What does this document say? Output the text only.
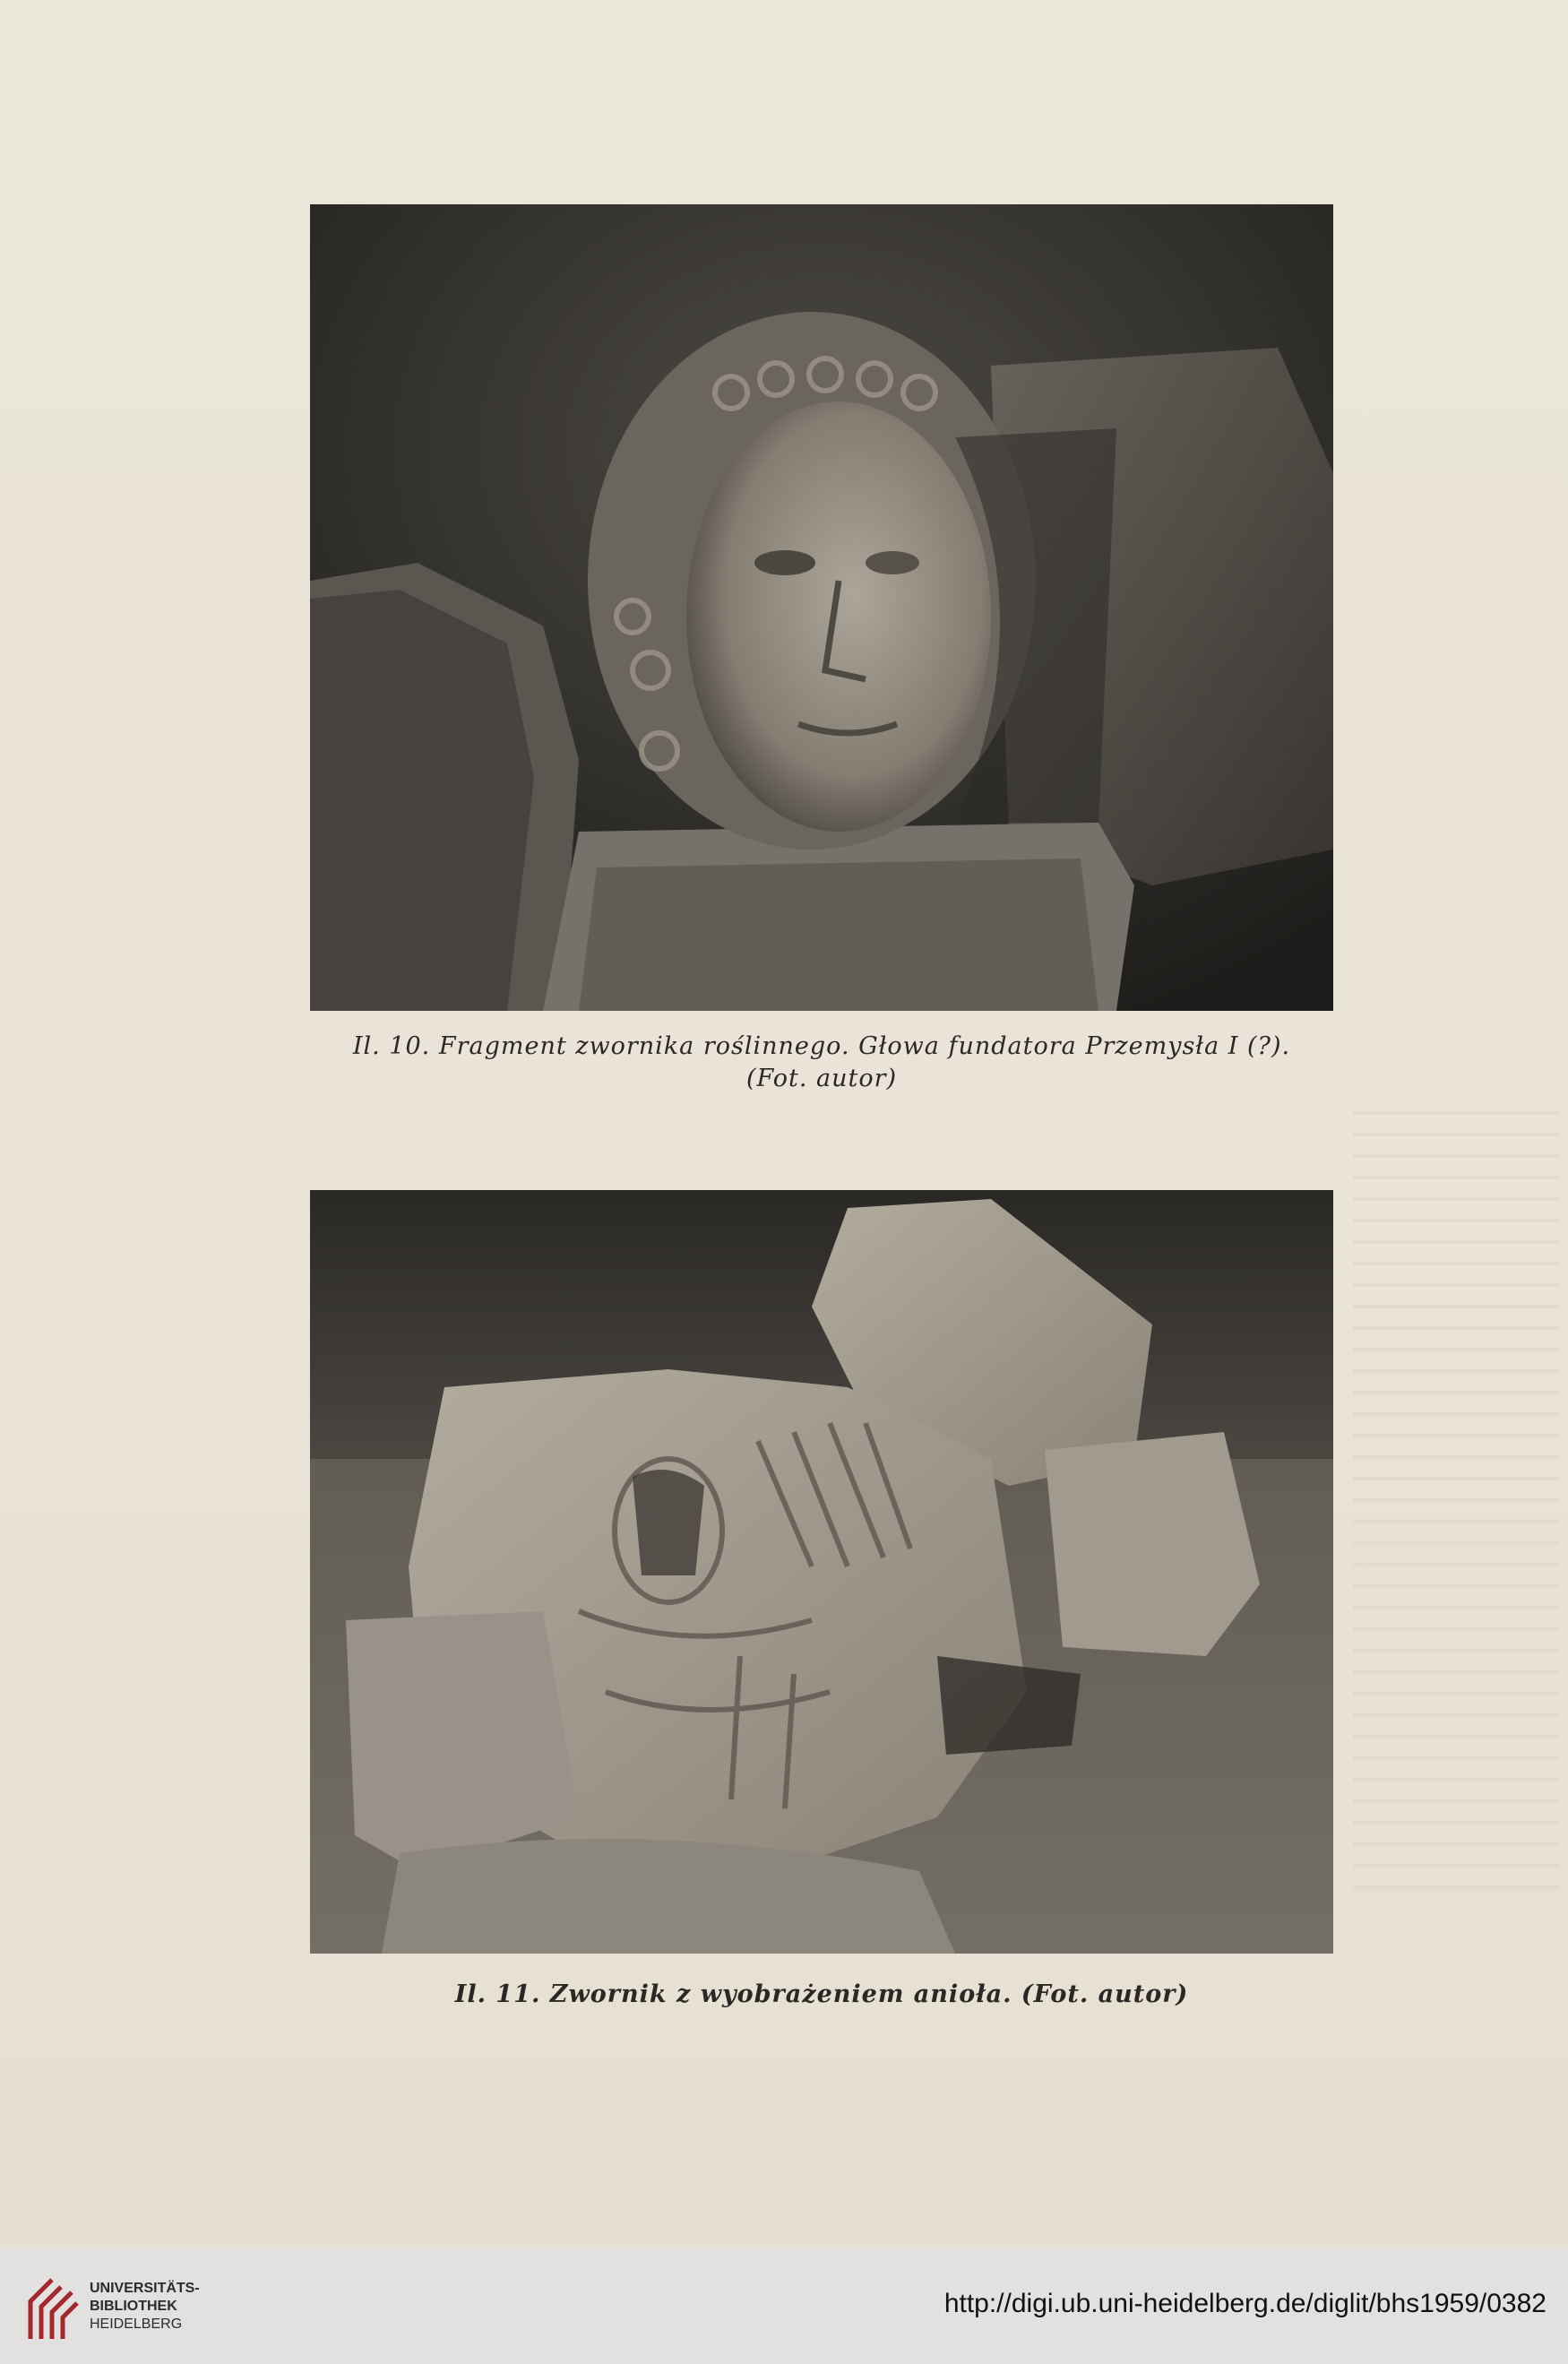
Il. 10. Fragment zwornika roślinnego. Głowa fundatora Przemysła I (?).
(Fot. autor)
Il. 11. Zwornik z wyobrażeniem anioła. (Fot. autor)
UNIVERSITÄTS-
BIBLIOTHEK
HEIDELBERG
http://digi.ub.uni-heidelberg.de/diglit/bhs1959/0382
